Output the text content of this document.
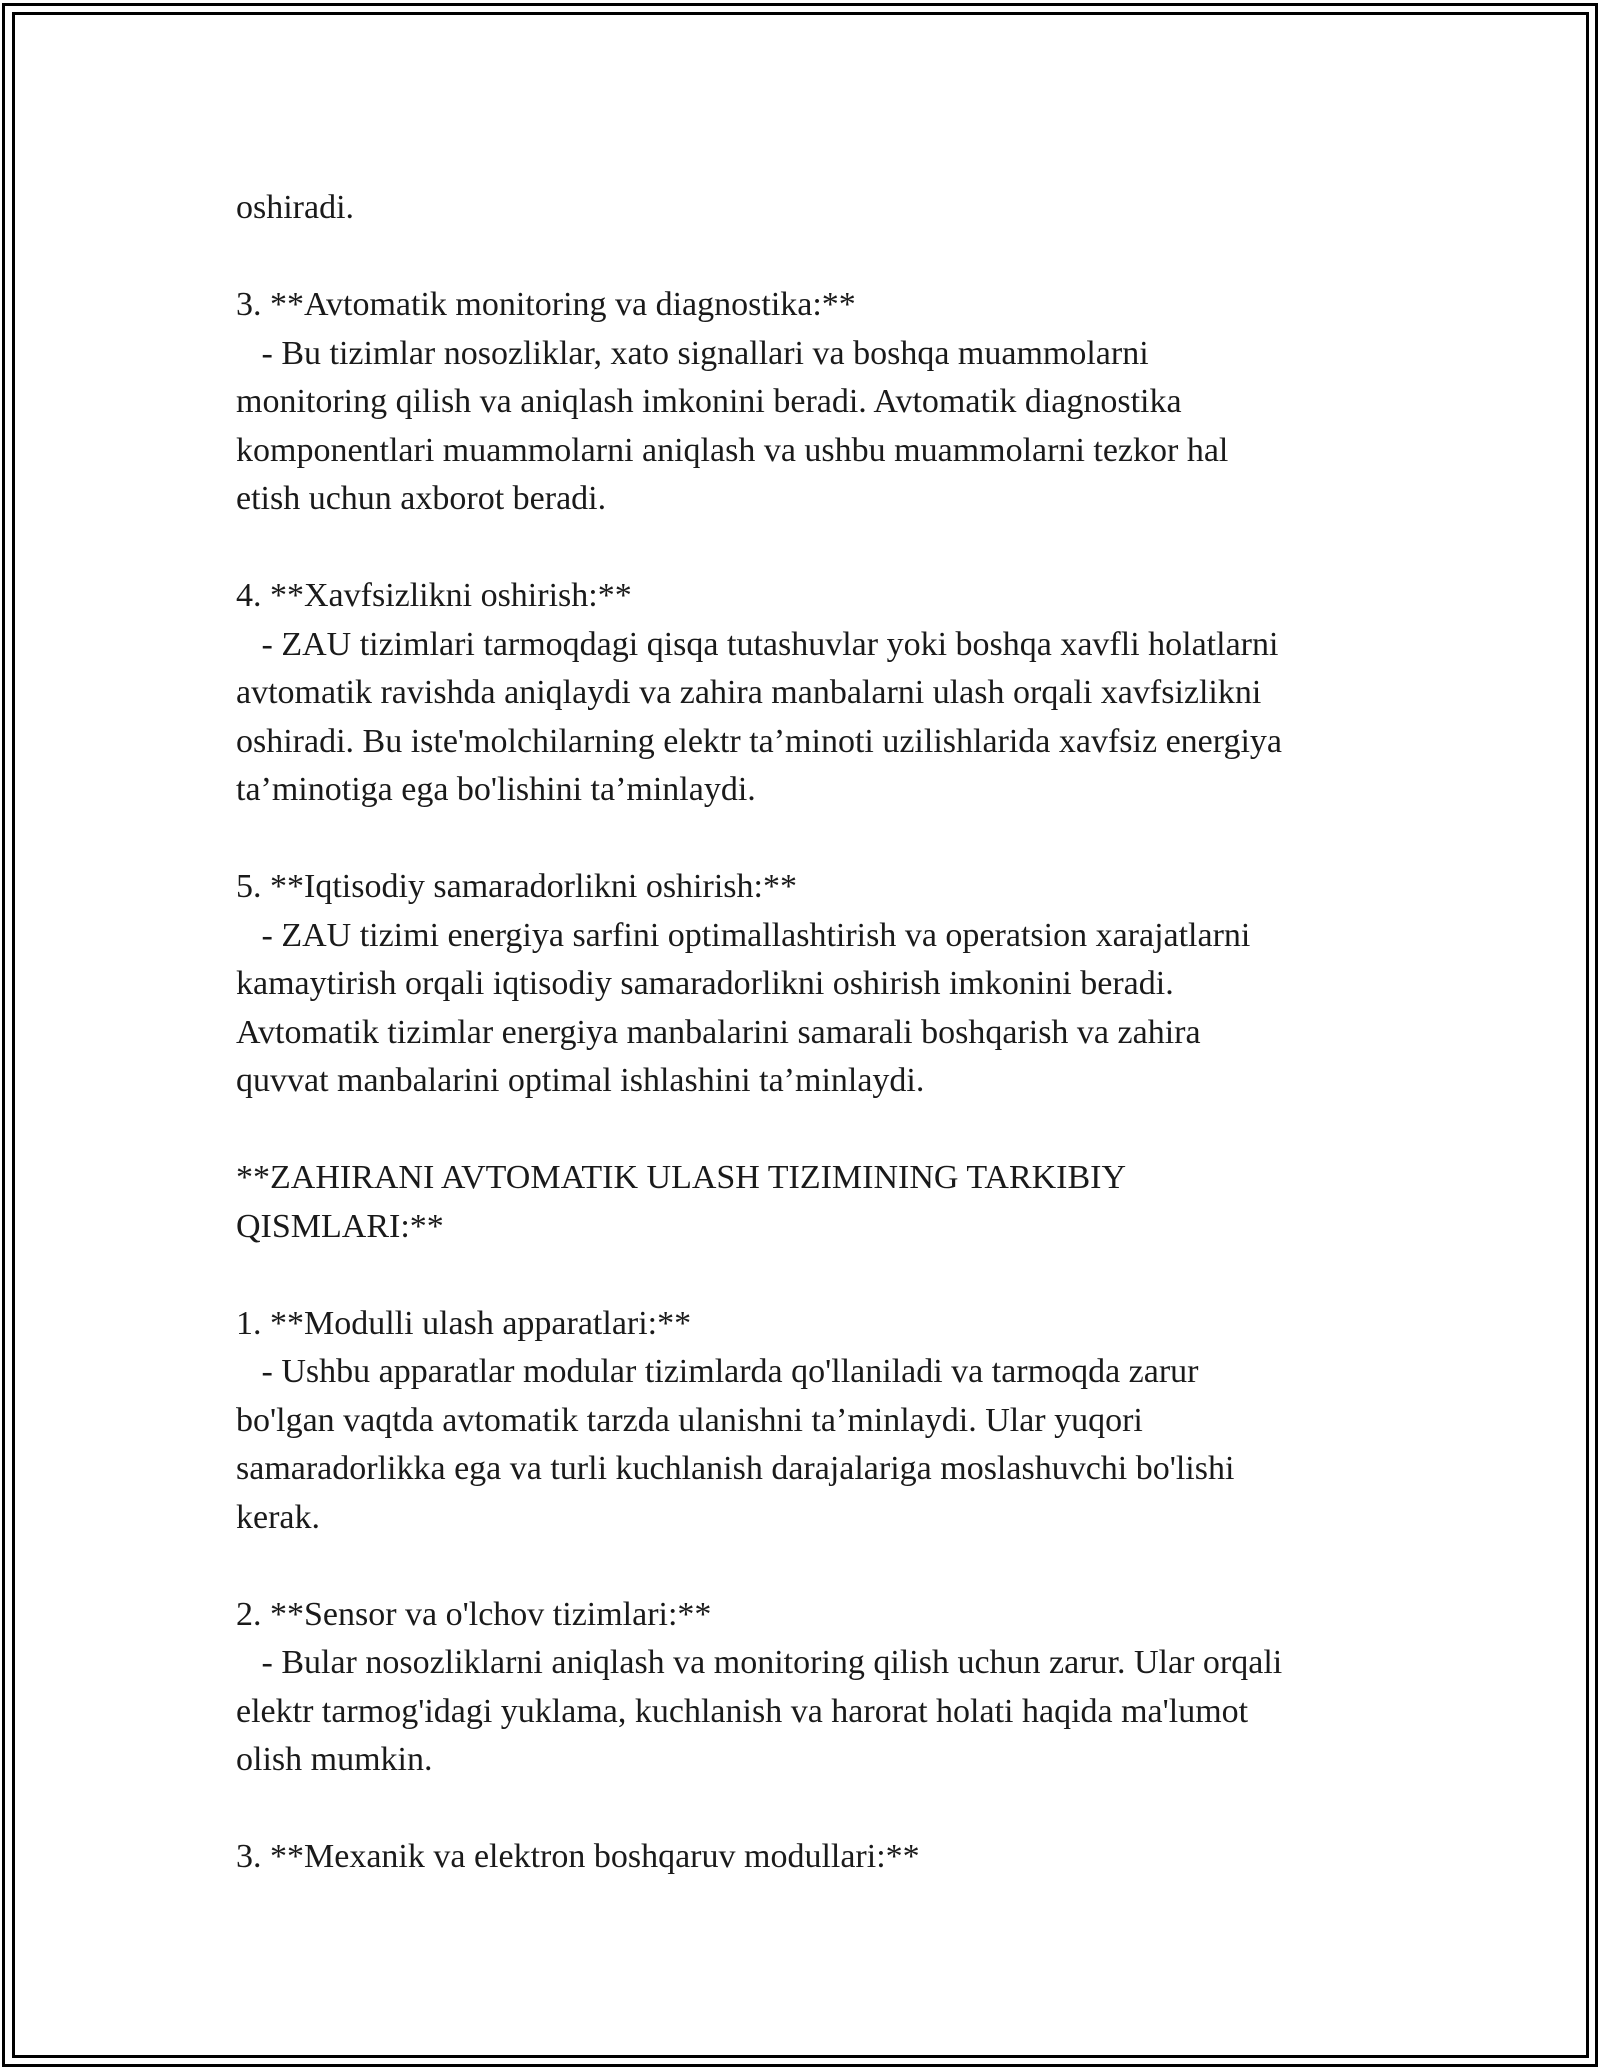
oshiradi.

3. **Avtomatik monitoring va diagnostika:**

- Bu tizimlar nosozliklar, xato signallari va boshqa muammolarni

monitoring qilish va aniqlash imkonini beradi. Avtomatik diagnostika

komponentlari muammolarni aniqlash va ushbu muammolarni tezkor hal

etish uchun axborot beradi.

4. **Xavfsizlikni oshirish:**

- ZAU tizimlari tarmoqdagi qisqa tutashuvlar yoki boshqa xavfli holatlarni

avtomatik ravishda aniqlaydi va zahira manbalarni ulash orqali xavfsizlikni

oshiradi. Bu iste'molchilarning elektr ta’minoti uzilishlarida xavfsiz energiya

ta’minotiga ega bo'lishini ta’minlaydi.

5. **Iqtisodiy samaradorlikni oshirish:**

- ZAU tizimi energiya sarfini optimallashtirish va operatsion xarajatlarni

kamaytirish orqali iqtisodiy samaradorlikni oshirish imkonini beradi.

Avtomatik tizimlar energiya manbalarini samarali boshqarish va zahira

quvvat manbalarini optimal ishlashini ta’minlaydi.

**ZAHIRANI AVTOMATIK ULASH TIZIMINING TARKIBIY

QISMLARI:**

1. **Modulli ulash apparatlari:**

- Ushbu apparatlar modular tizimlarda qo'llaniladi va tarmoqda zarur

bo'lgan vaqtda avtomatik tarzda ulanishni ta’minlaydi. Ular yuqori

samaradorlikka ega va turli kuchlanish darajalariga moslashuvchi bo'lishi

kerak.

2. **Sensor va o'lchov tizimlari:**

- Bular nosozliklarni aniqlash va monitoring qilish uchun zarur. Ular orqali

elektr tarmog'idagi yuklama, kuchlanish va harorat holati haqida ma'lumot

olish mumkin.

3. **Mexanik va elektron boshqaruv modullari:**
